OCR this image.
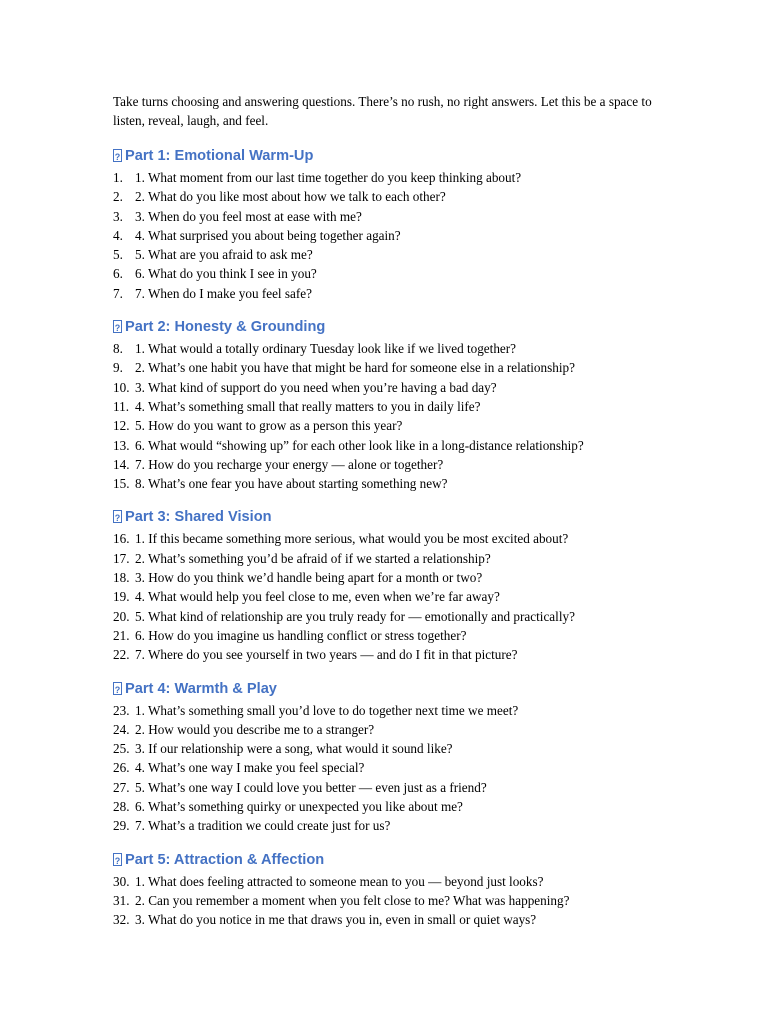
Take turns choosing and answering questions. There’s no rush, no right answers. Let this be a space to listen, reveal, laugh, and feel.

?Part 1: Emotional Warm-Up
1. 1. What moment from our last time together do you keep thinking about?
2. 2. What do you like most about how we talk to each other?
3. 3. When do you feel most at ease with me?
4. 4. What surprised you about being together again?
5. 5. What are you afraid to ask me?
6. 6. What do you think I see in you?
7. 7. When do I make you feel safe?
?Part 2: Honesty & Grounding
8. 1. What would a totally ordinary Tuesday look like if we lived together?
9. 2. What’s one habit you have that might be hard for someone else in a relationship?
10. 3. What kind of support do you need when you’re having a bad day?
11. 4. What’s something small that really matters to you in daily life?
12. 5. How do you want to grow as a person this year?
13. 6. What would “showing up” for each other look like in a long-distance relationship?
14. 7. How do you recharge your energy — alone or together?
15. 8. What’s one fear you have about starting something new?
?Part 3: Shared Vision
16. 1. If this became something more serious, what would you be most excited about?
17. 2. What’s something you’d be afraid of if we started a relationship?
18. 3. How do you think we’d handle being apart for a month or two?
19. 4. What would help you feel close to me, even when we’re far away?
20. 5. What kind of relationship are you truly ready for — emotionally and practically?
21. 6. How do you imagine us handling conflict or stress together?
22. 7. Where do you see yourself in two years — and do I fit in that picture?
?Part 4: Warmth & Play
23. 1. What’s something small you’d love to do together next time we meet?
24. 2. How would you describe me to a stranger?
25. 3. If our relationship were a song, what would it sound like?
26. 4. What’s one way I make you feel special?
27. 5. What’s one way I could love you better — even just as a friend?
28. 6. What’s something quirky or unexpected you like about me?
29. 7. What’s a tradition we could create just for us?
?Part 5: Attraction & Affection
30. 1. What does feeling attracted to someone mean to you — beyond just looks?
31. 2. Can you remember a moment when you felt close to me? What was happening?
32. 3. What do you notice in me that draws you in, even in small or quiet ways?
